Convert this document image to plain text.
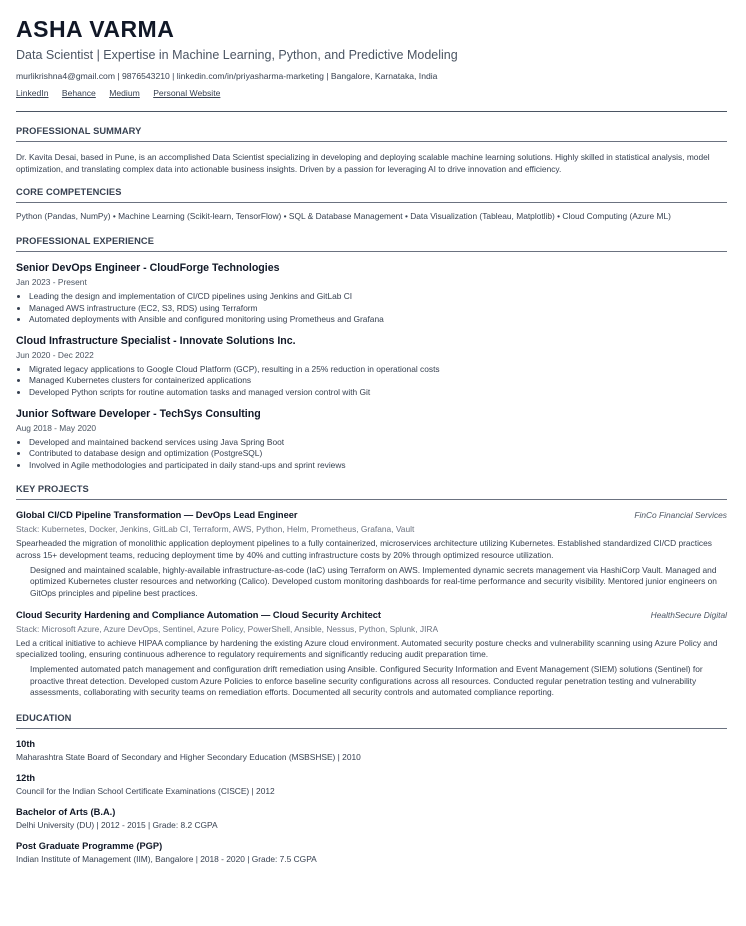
ASHA VARMA
Data Scientist | Expertise in Machine Learning, Python, and Predictive Modeling
murlikrishna4@gmail.com | 9876543210 | linkedin.com/in/priyasharma-marketing | Bangalore, Karnataka, India
LinkedIn Behance Medium Personal Website
PROFESSIONAL SUMMARY

Dr. Kavita Desai, based in Pune, is an accomplished Data Scientist specializing in developing and deploying scalable machine learning solutions. Highly skilled in statistical analysis, model optimization, and translating complex data into actionable business insights. Driven by a passion for leveraging AI to drive innovation and efficiency.

CORE COMPETENCIES

Python (Pandas, NumPy) • Machine Learning (Scikit-learn, TensorFlow) • SQL & Database Management • Data Visualization (Tableau, Matplotlib) • Cloud Computing (Azure ML)

PROFESSIONAL EXPERIENCE
Senior DevOps Engineer - CloudForge Technologies
Jan 2023 - Present
• Leading the design and implementation of CI/CD pipelines using Jenkins and GitLab CI
• Managed AWS infrastructure (EC2, S3, RDS) using Terraform
• Automated deployments with Ansible and configured monitoring using Prometheus and Grafana
Cloud Infrastructure Specialist - Innovate Solutions Inc.
Jun 2020 - Dec 2022
• Migrated legacy applications to Google Cloud Platform (GCP), resulting in a 25% reduction in operational costs
• Managed Kubernetes clusters for containerized applications
• Developed Python scripts for routine automation tasks and managed version control with Git
Junior Software Developer - TechSys Consulting
Aug 2018 - May 2020
• Developed and maintained backend services using Java Spring Boot
• Contributed to database design and optimization (PostgreSQL)
• Involved in Agile methodologies and participated in daily stand-ups and sprint reviews
KEY PROJECTS
Global CI/CD Pipeline Transformation — DevOps Lead Engineer	FinCo Financial Services
Stack: Kubernetes, Docker, Jenkins, GitLab CI, Terraform, AWS, Python, Helm, Prometheus, Grafana, Vault
Spearheaded the migration of monolithic application deployment pipelines to a fully containerized, microservices architecture utilizing Kubernetes. Established standardized CI/CD practices across 15+ development teams, reducing deployment time by 40% and cutting infrastructure costs by 20% through optimized resource utilization.
Designed and maintained scalable, highly-available infrastructure-as-code (IaC) using Terraform on AWS. Implemented dynamic secrets management via HashiCorp Vault. Managed and optimized Kubernetes cluster resources and networking (Calico). Developed custom monitoring dashboards for real-time performance and security visibility. Mentored junior engineers on GitOps principles and pipeline best practices.
Cloud Security Hardening and Compliance Automation — Cloud Security Architect	HealthSecure Digital
Stack: Microsoft Azure, Azure DevOps, Sentinel, Azure Policy, PowerShell, Ansible, Nessus, Python, Splunk, JIRA
Led a critical initiative to achieve HIPAA compliance by hardening the existing Azure cloud environment. Automated security posture checks and vulnerability scanning using Azure Policy and specialized tooling, ensuring continuous adherence to regulatory requirements and significantly reducing audit preparation time.
Implemented automated patch management and configuration drift remediation using Ansible. Configured Security Information and Event Management (SIEM) solutions (Sentinel) for proactive threat detection. Developed custom Azure Policies to enforce baseline security configurations across all resources. Conducted regular penetration testing and vulnerability assessments, collaborating with security teams on remediation efforts. Documented all security controls and automated compliance reporting.
EDUCATION
10th
Maharashtra State Board of Secondary and Higher Secondary Education (MSBSHSE) | 2010
12th
Council for the Indian School Certificate Examinations (CISCE) | 2012
Bachelor of Arts (B.A.)
Delhi University (DU) | 2012 - 2015 | Grade: 8.2 CGPA
Post Graduate Programme (PGP)
Indian Institute of Management (IIM), Bangalore | 2018 - 2020 | Grade: 7.5 CGPA
